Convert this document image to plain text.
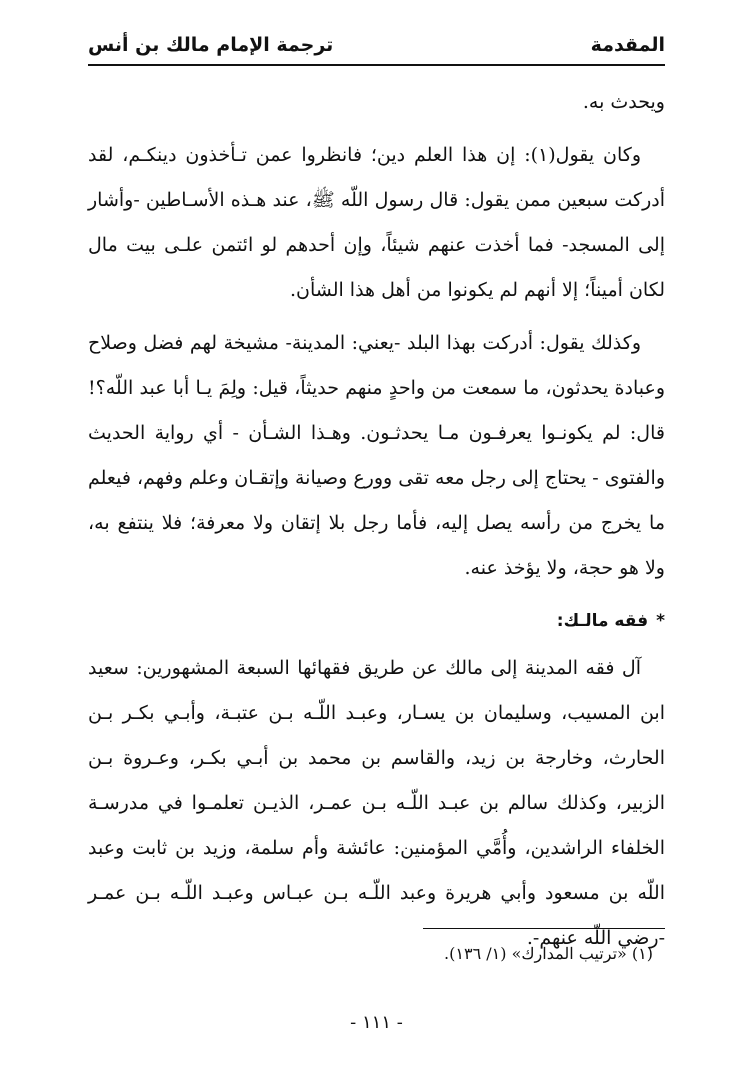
المقدمة
ترجمة الإمام مالك بن أنس

ويحدث به.

وكان يقول(١): إن هذا العلم دين؛ فانظروا عمن تـأخذون دينكـم، لقد أدركت سبعين ممن يقول: قال رسول اللّه ﷺ، عند هـذه الأسـاطين -وأشار إلى المسجد- فما أخذت عنهم شيئاً، وإن أحدهم لو ائتمن علـى بيت مال لكان أميناً؛ إلا أنهم لم يكونوا من أهل هذا الشأن.

وكذلك يقول: أدركت بهذا البلد -يعني: المدينة- مشيخة لهم فضل وصلاح وعبادة يحدثون، ما سمعت من واحدٍ منهم حديثاً، قيل: ولِمَ يـا أبا عبد اللّه؟! قال: لم يكونـوا يعرفـون مـا يحدثـون. وهـذا الشـأن - أي رواية الحديث والفتوى - يحتاج إلى رجل معه تقى وورع وصيانة وإتقـان وعلم وفهم، فيعلم ما يخرج من رأسه يصل إليه، فأما رجل بلا إتقان ولا معرفة؛ فلا ينتفع به، ولا هو حجة، ولا يؤخذ عنه.

*فقه مالـك:

آل فقه المدينة إلى مالك عن طريق فقهائها السبعة المشهورين: سعيد ابن المسيب، وسليمان بن يسـار، وعبـد اللّـه بـن عتبـة، وأبـي بكـر بـن الحارث، وخارجة بن زيد، والقاسم بن محمد بن أبـي بكـر، وعـروة بـن الزبير، وكذلك سالم بن عبـد اللّـه بـن عمـر، الذيـن تعلمـوا في مدرسـة الخلفاء الراشدين، وأُمَّي المؤمنين: عائشة وأم سلمة، وزيد بن ثابت وعبد اللّه بن مسعود وأبي هريرة وعبد اللّـه بـن عبـاس وعبـد اللّـه بـن عمـر -رضي اللّه عنهم-.

(١) «ترتيب المدارك» (١/ ١٣٦).
- ١١١ -
